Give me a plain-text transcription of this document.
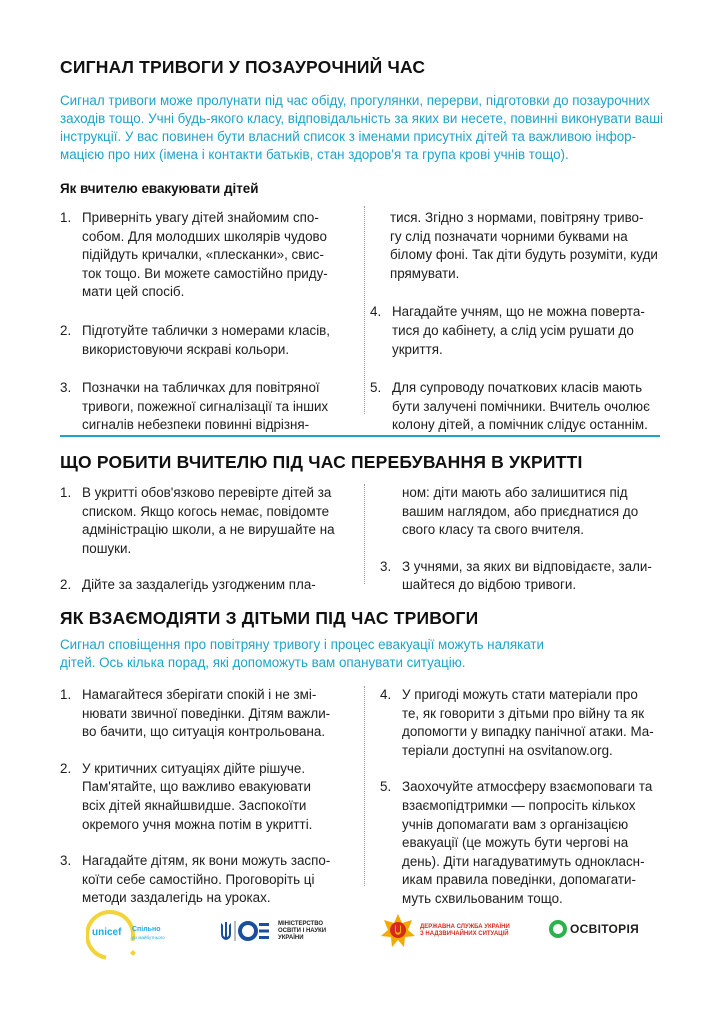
СИГНАЛ ТРИВОГИ У ПОЗАУРОЧНИЙ ЧАС

Сигнал тривоги може пролунати під час обіду, прогулянки, перерви, підготовки до позаурочних

заходів тощо. Учні будь-якого класу, відповідальність за яких ви несете, повинні виконувати ваші

інструкції. У вас повинен бути власний список з іменами присутніх дітей та важливою інфор-

мацією про них (імена і контакти батьків, стан здоров'я та група крові учнів тощо).

Як вчителю евакуювати дітей
1. Приверніть увагу дітей знайомим спо-
собом. Для молодших школярів чудово
підійдуть кричалки, «плесканки», свис-
ток тощо. Ви можете самостійно приду-
мати цей спосіб.
2. Підготуйте таблички з номерами класів,
використовуючи яскраві кольори.
3. Позначки на табличках для повітряної
тривоги, пожежної сигналізації та інших
сигналів небезпеки повинні відрізня-
тися. Згідно з нормами, повітряну триво-
гу слід позначати чорними буквами на
білому фоні. Так діти будуть розуміти, куди
прямувати.
4. Нагадайте учням, що не можна поверта-
тися до кабінету, а слід усім рушати до
укриття.
5. Для супроводу початкових класів мають
бути залучені помічники. Вчитель очолює
колону дітей, а помічник слідує останнім.
ЩО РОБИТИ ВЧИТЕЛЮ ПІД ЧАС ПЕРЕБУВАННЯ В УКРИТТІ
1. В укритті обов'язково перевірте дітей за
списком. Якщо когось немає, повідомте
адміністрацію школи, а не вирушайте на
пошуки.
2. Дійте за заздалегідь узгодженим пла-
ном: діти мають або залишитися під
вашим наглядом, або приєднатися до
свого класу та свого вчителя.
3. З учнями, за яких ви відповідаєте, зали-
шайтеся до відбою тривоги.
ЯК ВЗАЄМОДІЯТИ З ДІТЬМИ ПІД ЧАС ТРИВОГИ

Сигнал сповіщення про повітряну тривогу і процес евакуації можуть налякати

дітей. Ось кілька порад, які допоможуть вам опанувати ситуацію.

1. Намагайтеся зберігати спокій і не змі-
нювати звичної поведінки. Дітям важли-
во бачити, що ситуація контрольована.
2. У критичних ситуаціях дійте рішуче.
Пам'ятайте, що важливо евакуювати
всіх дітей якнайшвидше. Заспокоїти
окремого учня можна потім в укритті.
3. Нагадайте дітям, як вони можуть заспо-
коїти себе самостійно. Проговоріть ці
методи заздалегідь на уроках.
4. У пригоді можуть стати матеріали про
те, як говорити з дітьми про війну та як
допомогти у випадку панічної атаки. Ма-
теріали доступні на osvitanow.org.
5. Заохочуйте атмосферу взаємоповаги та
взаємопідтримки — попросіть кількох
учнів допомагати вам з організацією
евакуації (це можуть бути чергові на
день). Діти нагадуватимуть однокласн-
икам правила поведінки, допомагати-
муть схвильованим тощо.
unicef Спільно
до майбутнього
МІНІСТЕРСТВО
ОСВІТИ І НАУКИ
УКРАЇНИ
ДЕРЖАВНА СЛУЖБА УКРАЇНИ
З НАДЗВИЧАЙНИХ СИТУАЦІЙ	ОСВІТОРІЯ
